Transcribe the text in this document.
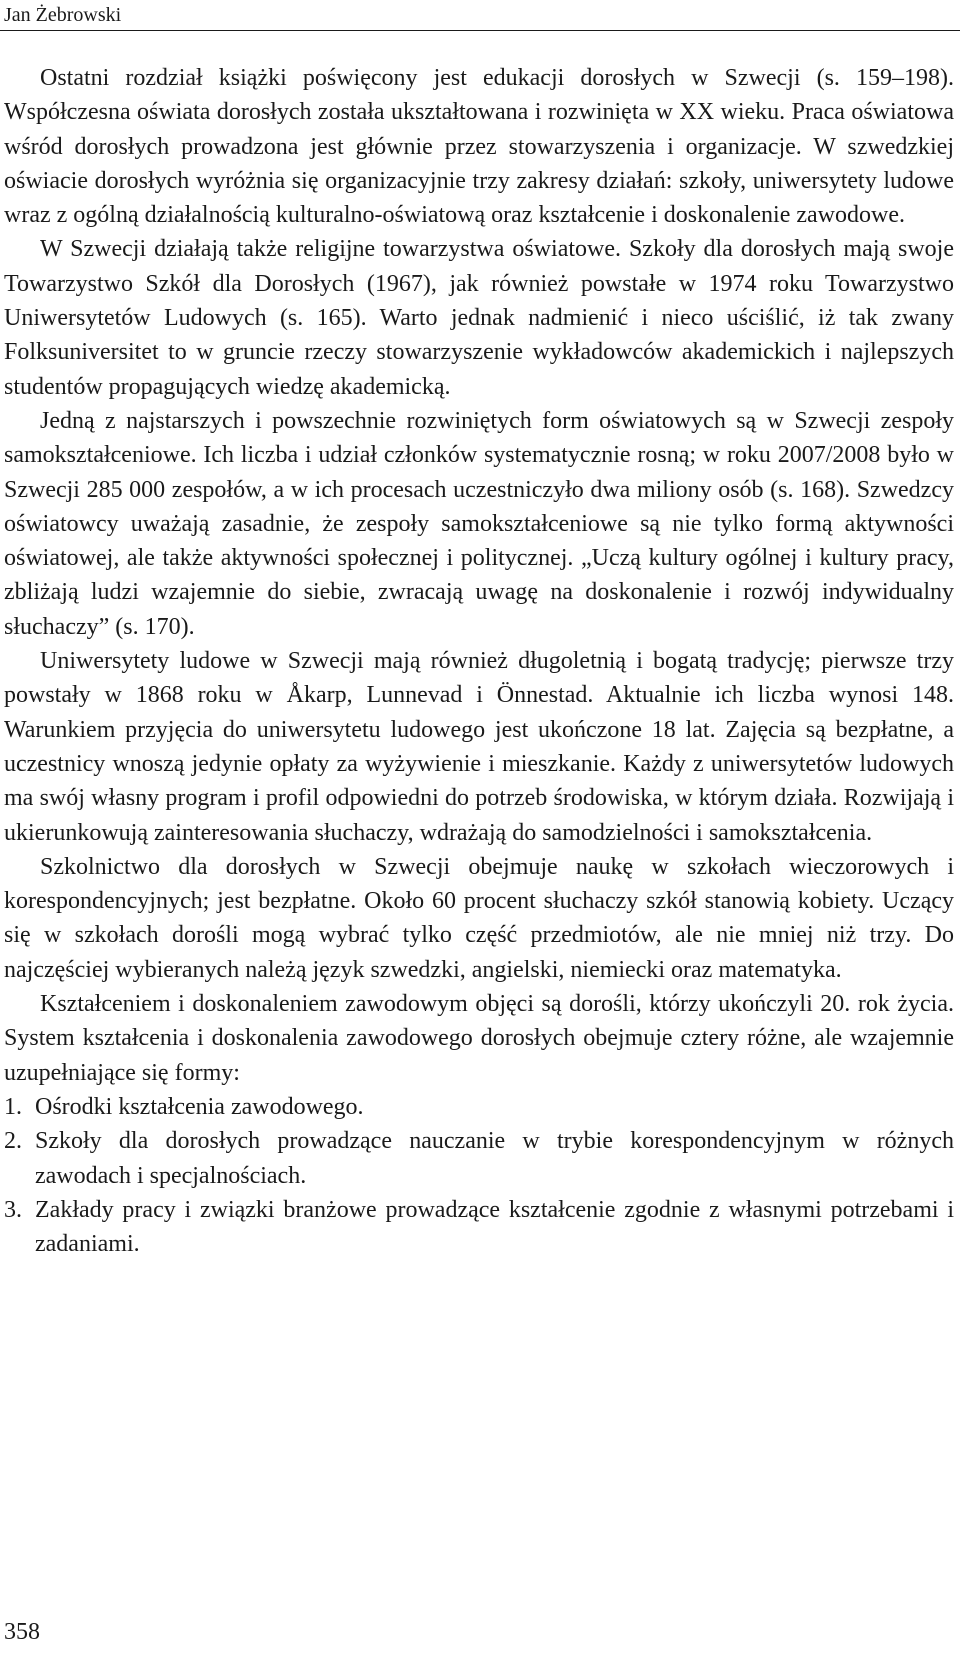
Jan Żebrowski

Ostatni rozdział książki poświęcony jest edukacji dorosłych w Szwecji (s. 159–198). Współczesna oświata dorosłych została ukształtowana i rozwinięta w XX wieku. Praca oświatowa wśród dorosłych prowadzona jest głównie przez stowarzyszenia i organizacje. W szwedzkiej oświacie dorosłych wyróżnia się organizacyjnie trzy zakresy działań: szkoły, uniwersytety ludowe wraz z ogólną działalnością kulturalno-oświatową oraz kształcenie i doskonalenie zawodowe.

W Szwecji działają także religijne towarzystwa oświatowe. Szkoły dla dorosłych mają swoje Towarzystwo Szkół dla Dorosłych (1967), jak również powstałe w 1974 roku Towarzystwo Uniwersytetów Ludowych (s. 165). Warto jednak nadmienić i nieco uściślić, iż tak zwany Folksuniversitet to w gruncie rzeczy stowarzyszenie wykładowców akademickich i najlepszych studentów propagujących wiedzę akademicką.

Jedną z najstarszych i powszechnie rozwiniętych form oświatowych są w Szwecji zespoły samokształceniowe. Ich liczba i udział członków systematycznie rosną; w roku 2007/2008 było w Szwecji 285 000 zespołów, a w ich procesach uczestniczyło dwa miliony osób (s. 168). Szwedzcy oświatowcy uważają zasadnie, że zespoły samokształceniowe są nie tylko formą aktywności oświatowej, ale także aktywności społecznej i politycznej. „Uczą kultury ogólnej i kultury pracy, zbliżają ludzi wzajemnie do siebie, zwracają uwagę na doskonalenie i rozwój indywidualny słuchaczy” (s. 170).

Uniwersytety ludowe w Szwecji mają również długoletnią i bogatą tradycję; pierwsze trzy powstały w 1868 roku w Åkarp, Lunnevad i Önnestad. Aktualnie ich liczba wynosi 148. Warunkiem przyjęcia do uniwersytetu ludowego jest ukończone 18 lat. Zajęcia są bezpłatne, a uczestnicy wnoszą jedynie opłaty za wyżywienie i mieszkanie. Każdy z uniwersytetów ludowych ma swój własny program i profil odpowiedni do potrzeb środowiska, w którym działa. Rozwijają i ukierunkowują zainteresowania słuchaczy, wdrażają do samodzielności i samokształcenia.

Szkolnictwo dla dorosłych w Szwecji obejmuje naukę w szkołach wieczorowych i korespondencyjnych; jest bezpłatne. Około 60 procent słuchaczy szkół stanowią kobiety. Uczący się w szkołach dorośli mogą wybrać tylko część przedmiotów, ale nie mniej niż trzy. Do najczęściej wybieranych należą język szwedzki, angielski, niemiecki oraz matematyka.

Kształceniem i doskonaleniem zawodowym objęci są dorośli, którzy ukończyli 20. rok życia. System kształcenia i doskonalenia zawodowego dorosłych obejmuje cztery różne, ale wzajemnie uzupełniające się formy:

1. Ośrodki kształcenia zawodowego.
2. Szkoły dla dorosłych prowadzące nauczanie w trybie korespondencyjnym w różnych zawodach i specjalnościach.
3. Zakłady pracy i związki branżowe prowadzące kształcenie zgodnie z własnymi potrzebami i zadaniami.
358
